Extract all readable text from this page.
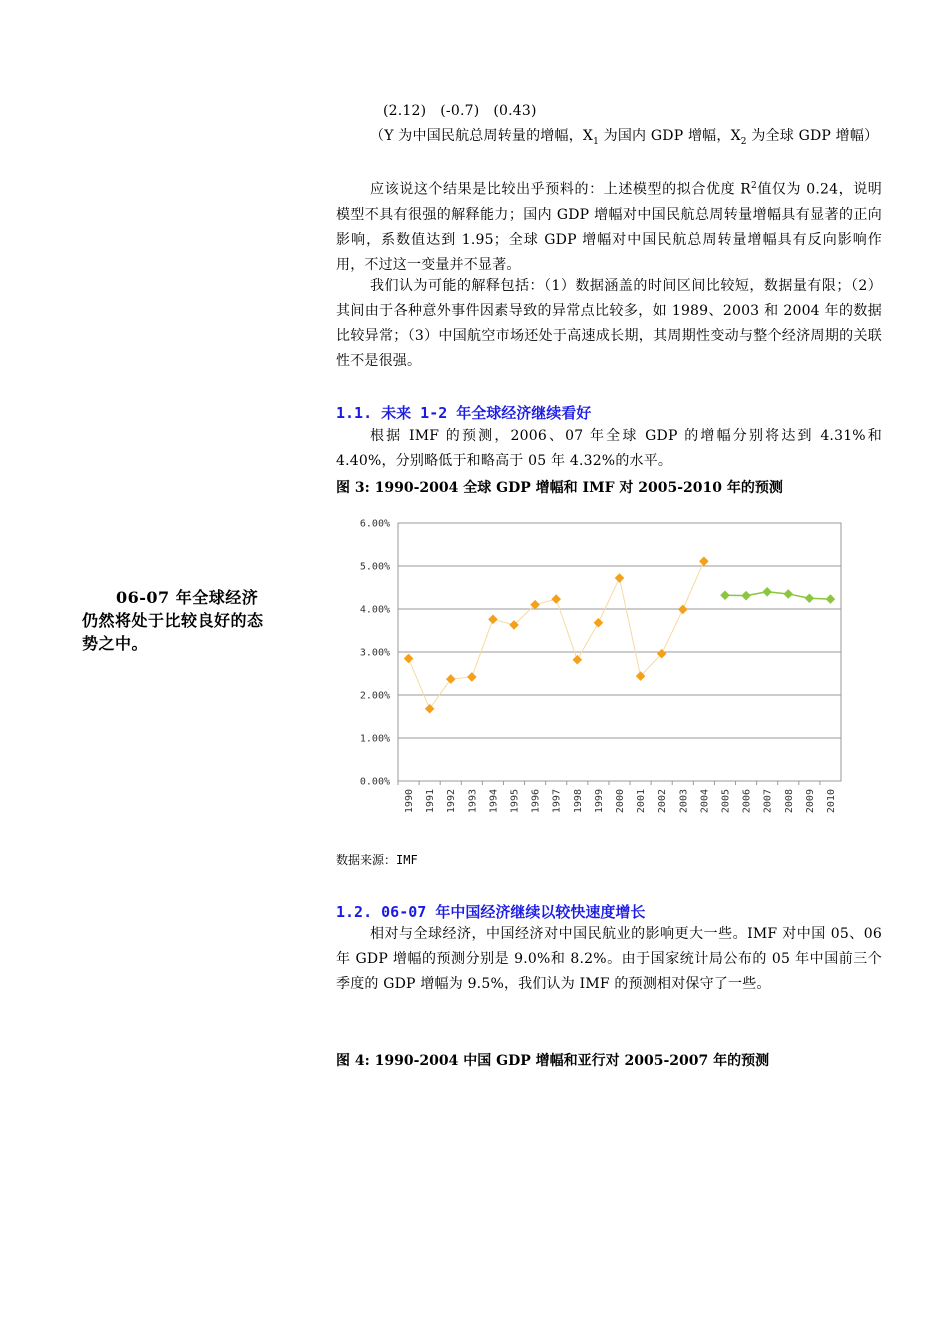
(2.12)   (-0.7)   (0.43)
（Y 为中国民航总周转量的增幅，$X_1$ 为国内 GDP 增幅，$X_2$ 为全球 GDP 增幅）
应该说这个结果是比较出乎预料的：上述模型的拟合优度 $R^2$值仅为 0.24，说明模型不具有很强的解释能力；国内 GDP 增幅对中国民航总周转量增幅具有显著的正向影响，系数值达到 1.95；全球 GDP 增幅对中国民航总周转量增幅具有反向影响作用，不过这一变量并不显著。
我们认为可能的解释包括：（1）数据涵盖的时间区间比较短，数据量有限；（2）其间由于各种意外事件因素导致的异常点比较多，如 1989、2003 和 2004 年的数据比较异常；（3）中国航空市场还处于高速成长期，其周期性变动与整个经济周期的关联性不是很强。
1.1. 未来 1-2 年全球经济继续看好
根据 IMF 的预测，2006、07 年全球 GDP 的增幅分别将达到 4.31%和 4.40%，分别略低于和略高于 05 年 4.32%的水平。
图 3: 1990-2004 全球 GDP 增幅和 IMF 对 2005-2010 年的预测
06-07 年全球经济仍然将处于比较良好的态势之中。
0.00%
1.00%
2.00%
3.00%
4.00%
5.00%
6.00%
1990 1991 1992 1993 1994 1995 1996 1997 1998 1999 2000 2001 2002 2003 2004 2005 2006 2007 2008 2009 2010
数据来源：IMF
1.2. 06-07 年中国经济继续以较快速度增长
相对与全球经济，中国经济对中国民航业的影响更大一些。IMF 对中国 05、06 年 GDP 增幅的预测分别是 9.0%和 8.2%。由于国家统计局公布的 05 年中国前三个季度的 GDP 增幅为 9.5%，我们认为 IMF 的预测相对保守了一些。
图 4: 1990-2004 中国 GDP 增幅和亚行对 2005-2007 年的预测
